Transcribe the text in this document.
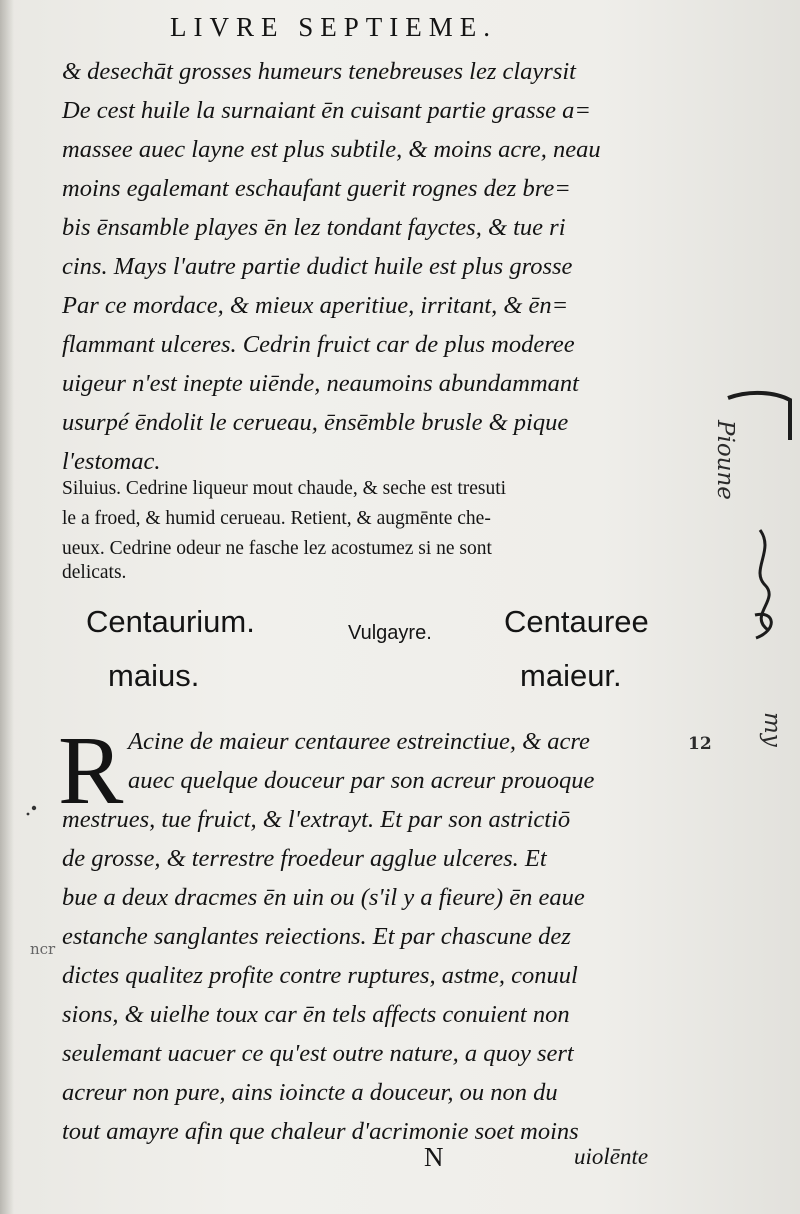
LIVRE SEPTIEME.
& desechāt grosses humeurs tenebreuses lez clayrsit
De cest huile la surnaiant ēn cuisant partie grasse a=
massee auec layne est plus subtile, & moins acre, neau
moins egalemant eschaufant guerit rognes dez bre=
bis ēnsamble playes ēn lez tondant fayctes, & tue ri
cins. Mays l'autre partie dudict huile est plus grosse
Par ce mordace, & mieux aperitiue, irritant, & ēn=
flammant ulceres. Cedrin fruict car de plus moderee
uigeur n'est inepte uiēnde, neaumoins abundammant
usurpé ēndolit le cerueau, ēnsēmble brusle & pique
l'estomac.
Siluius. Cedrine liqueur mout chaude, & seche est tresuti
le a froed, & humid cerueau. Retient, & augmēnte che-
ueux. Cedrine odeur ne fasche lez acostumez si ne sont
delicats.
Centaurium.
maius.
Vulgayre. Centauree
maieur.
R Acine de maieur centauree estreinctiue, & acre
auec quelque douceur par son acreur prouoque
mestrues, tue fruict, & l'extrayt. Et par son astrictiō
de grosse, & terrestre froedeur agglue ulceres. Et
bue a deux dracmes ēn uin ou (s'il y a fieure) ēn eaue
estanche sanglantes reiections. Et par chascune dez
dictes qualitez profite contre ruptures, astme, conuul
sions, & uielhe toux car ēn tels affects conuient non
seulemant uacuer ce qu'est outre nature, a quoy sert
acreur non pure, ains ioincte a douceur, ou non du
tout amayre afin que chaleur d'acrimonie soet moins
12
Pioune
my
ncr
N	uiolēnte
